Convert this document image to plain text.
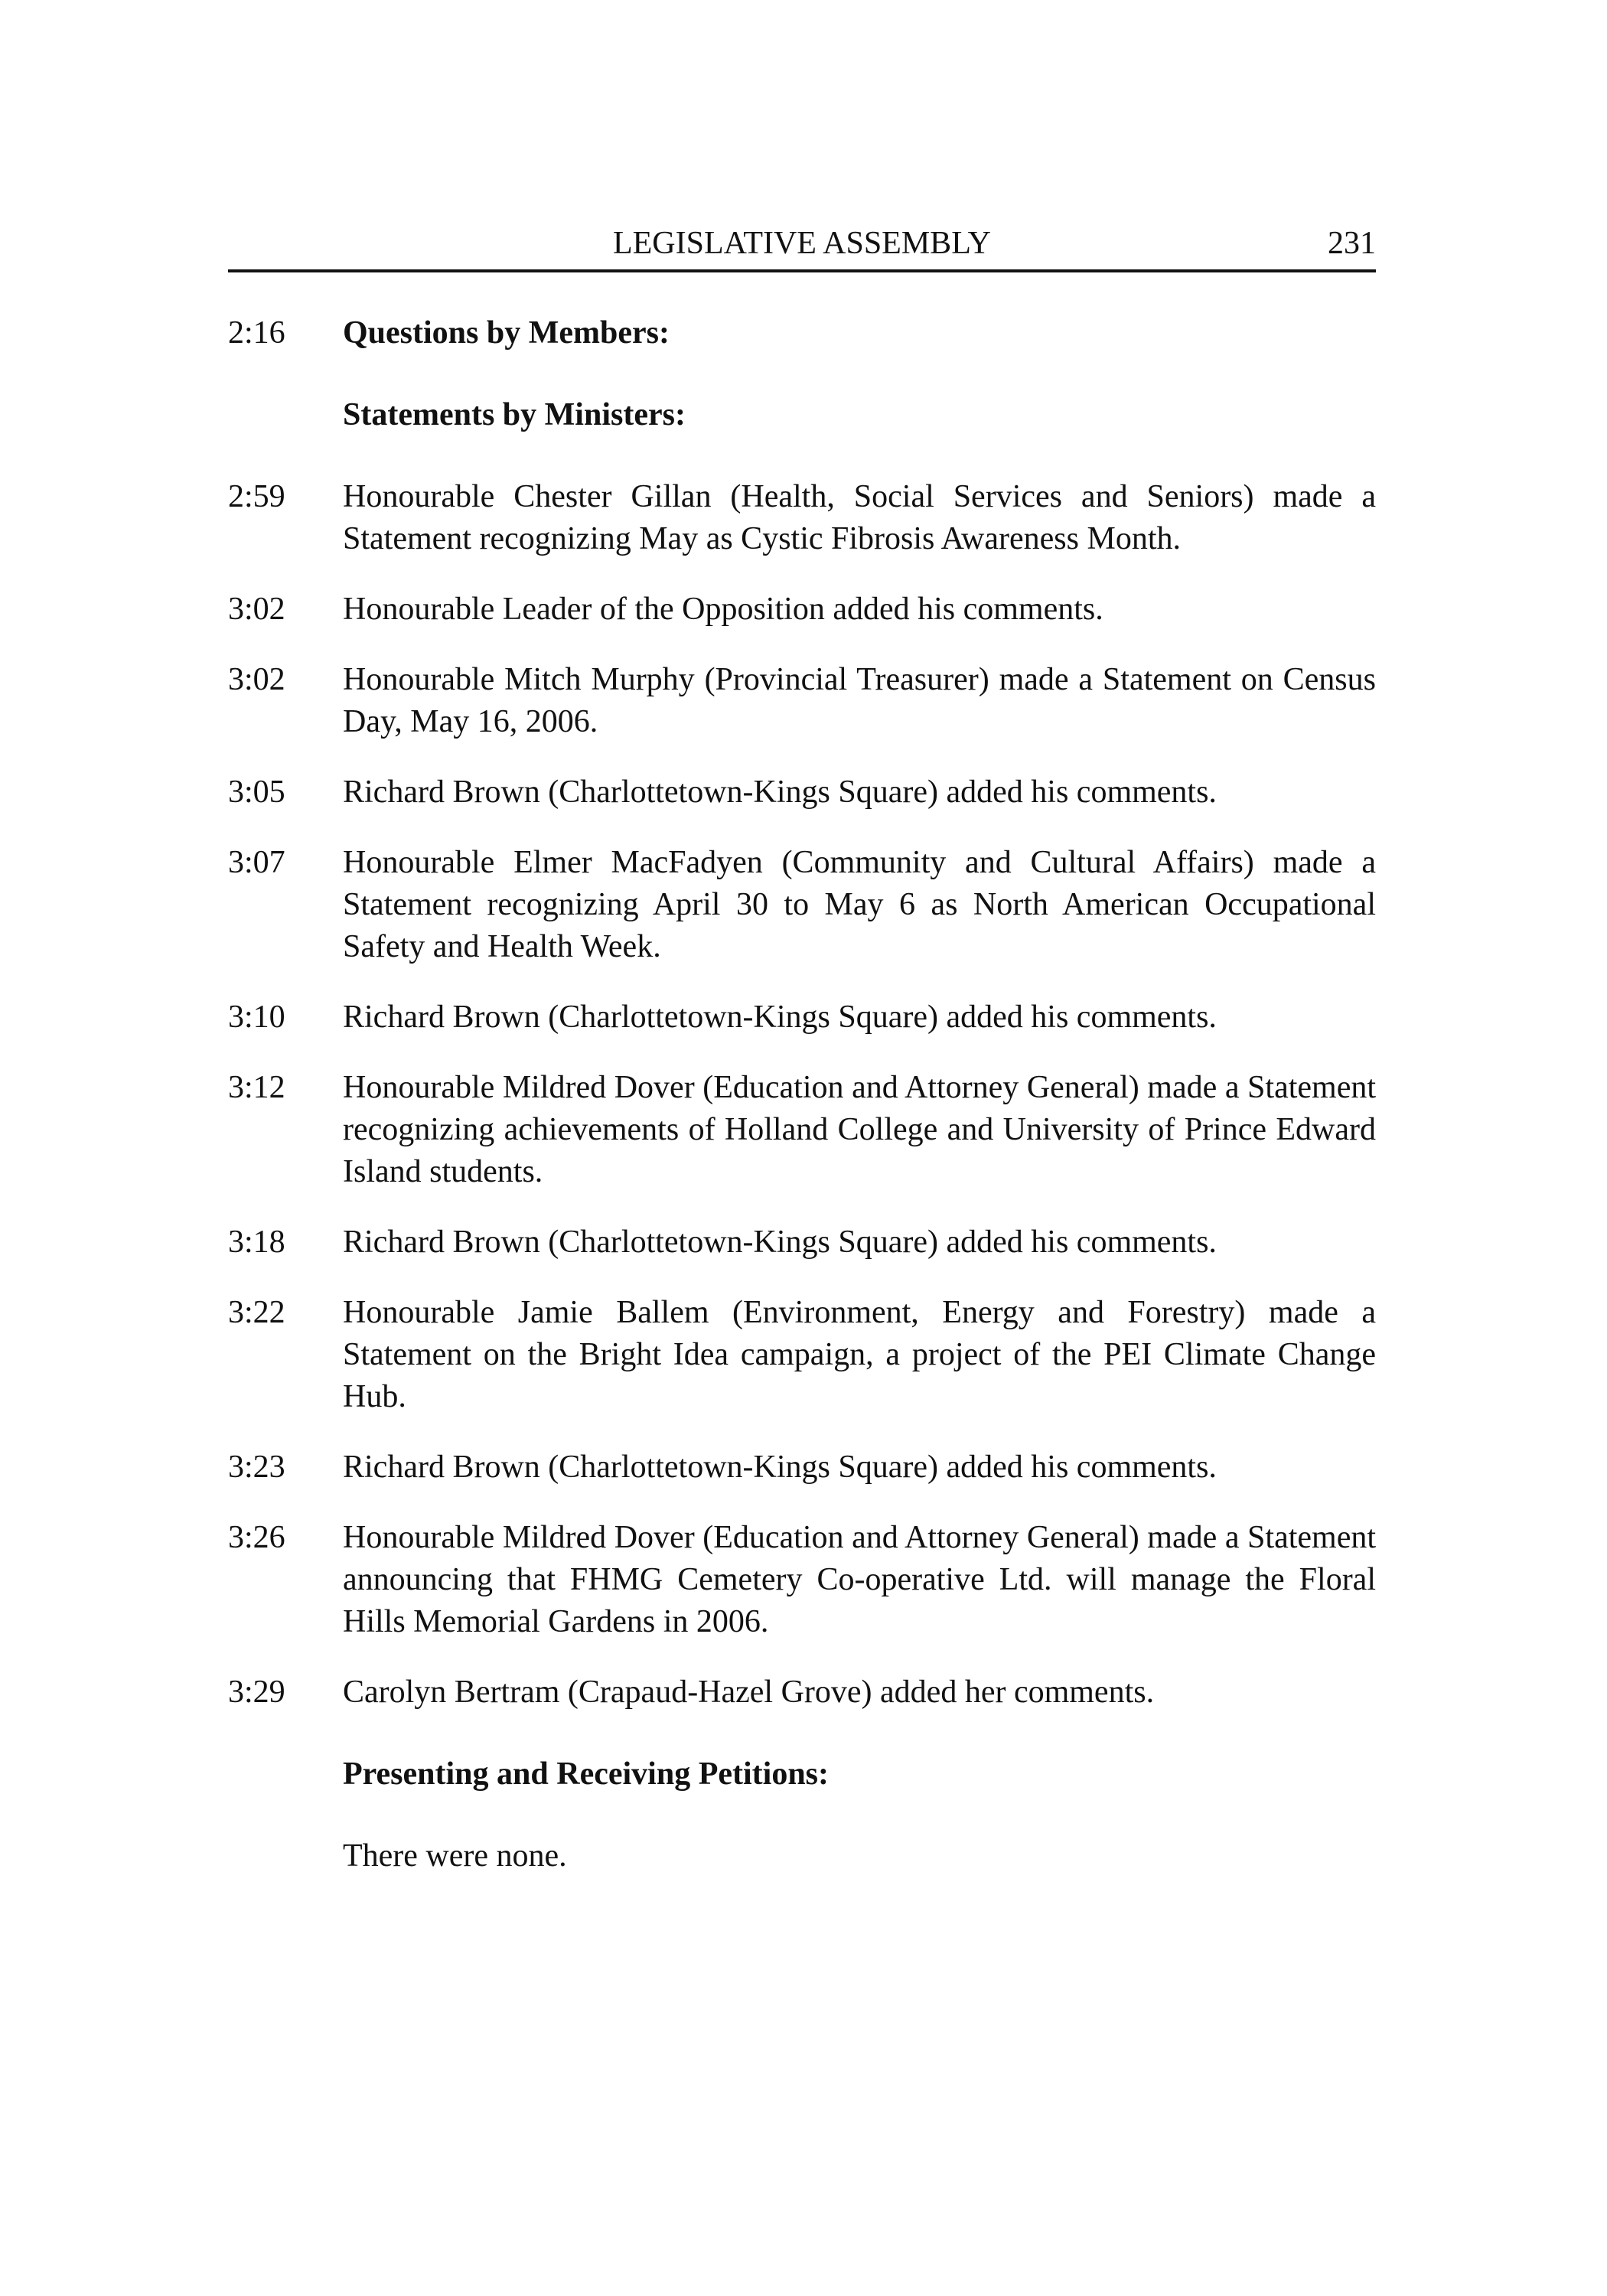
LEGISLATIVE ASSEMBLY	231
2:16	Questions by Members:
Statements by Ministers:
2:59	Honourable Chester Gillan (Health, Social Services and Seniors) made a Statement recognizing May as Cystic Fibrosis Awareness Month.
3:02	Honourable Leader of the Opposition added his comments.
3:02	Honourable Mitch Murphy (Provincial Treasurer) made a Statement on Census Day, May 16, 2006.
3:05	Richard Brown (Charlottetown-Kings Square) added his comments.
3:07	Honourable Elmer MacFadyen (Community and Cultural Affairs) made a Statement recognizing April 30 to May 6 as North American Occupational Safety and Health Week.
3:10	Richard Brown (Charlottetown-Kings Square) added his comments.
3:12	Honourable Mildred Dover (Education and Attorney General) made a Statement recognizing achievements of Holland College and University of Prince Edward Island students.
3:18	Richard Brown (Charlottetown-Kings Square) added his comments.
3:22	Honourable Jamie Ballem (Environment, Energy and Forestry) made a Statement on the Bright Idea campaign, a project of the PEI Climate Change Hub.
3:23	Richard Brown (Charlottetown-Kings Square) added his comments.
3:26	Honourable Mildred Dover (Education and Attorney General) made a Statement announcing that FHMG Cemetery Co-operative Ltd. will manage the Floral Hills Memorial Gardens in 2006.
3:29	Carolyn Bertram (Crapaud-Hazel Grove) added her comments.
Presenting and Receiving Petitions:
There were none.
